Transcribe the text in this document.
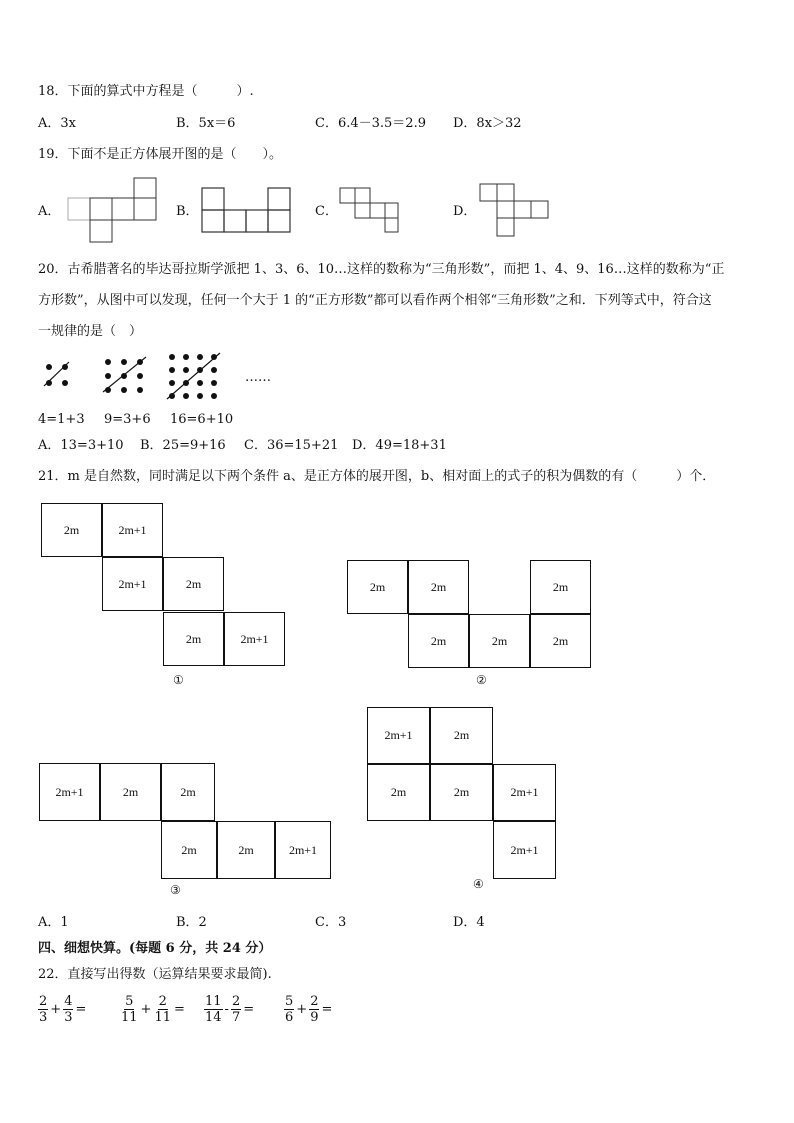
18．下面的算式中方程是（　　　）.
A．3x	B．5x＝6	C．6.4－3.5＝2.9 D．8x＞32
19．下面不是正方体展开图的是（　　）。
A．	B．	C．	D．
20．古希腊著名的毕达哥拉斯学派把 1、3、6、10…这样的数称为“三角形数”，而把 1、4、9、16…这样的数称为“正
方形数”，从图中可以发现，任何一个大于 1 的“正方形数”都可以看作两个相邻“三角形数”之和．下列等式中，符合这
一规律的是（　）
……
4=1+3 9=3+6 16=6+10
A．13=3+10 B．25=9+16 C．36=15+21 D．49=18+31
21．m 是自然数，同时满足以下两个条件 a、是正方体的展开图，b、相对面上的式子的积为偶数的有（　　　）个．
2m	2m+1
2m+1	2m
2m	2m+1
①
2m	2m	2m
2m	2m	2m
②
2m+1	2m	2m
2m	2m	2m+1
③
2m+1	2m
2m	2m	2m+1
2m+1
④
A．1	B．2	C．3	D．4
四、细想快算。(每题 6 分，共 24 分）
22．直接写出得数（运算结果要求最简).
$\frac{2}{3} + \frac{4}{3}$ =	$\frac{5}{11} + \frac{2}{11} = \frac{11}{14} - \frac{2}{7} = \frac{5}{6} + \frac{2}{9}$ =
